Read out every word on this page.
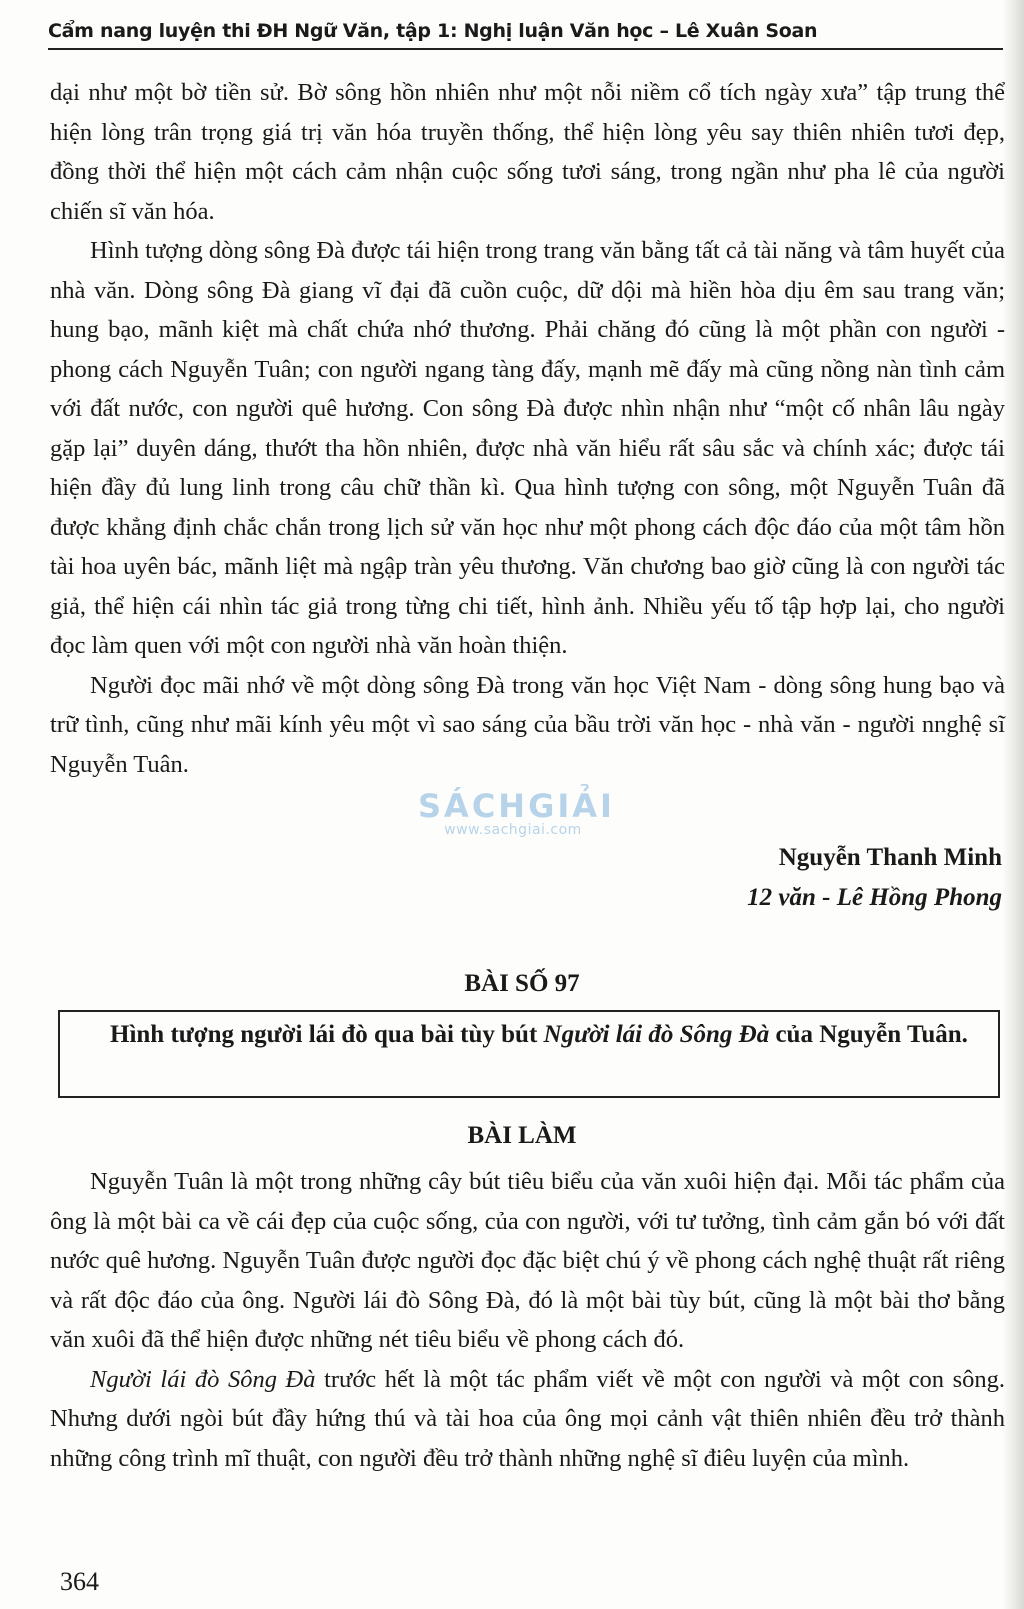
Cẩm nang luyện thi ĐH Ngữ Văn, tập 1: Nghị luận Văn học – Lê Xuân Soan

dại như một bờ tiền sử. Bờ sông hồn nhiên như một nỗi niềm cổ tích ngày xưa” tập trung thể hiện lòng trân trọng giá trị văn hóa truyền thống, thể hiện lòng yêu say thiên nhiên tươi đẹp, đồng thời thể hiện một cách cảm nhận cuộc sống tươi sáng, trong ngần như pha lê của người chiến sĩ văn hóa.

Hình tượng dòng sông Đà được tái hiện trong trang văn bằng tất cả tài năng và tâm huyết của nhà văn. Dòng sông Đà giang vĩ đại đã cuồn cuộc, dữ dội mà hiền hòa dịu êm sau trang văn; hung bạo, mãnh kiệt mà chất chứa nhớ thương. Phải chăng đó cũng là một phần con người - phong cách Nguyễn Tuân; con người ngang tàng đấy, mạnh mẽ đấy mà cũng nồng nàn tình cảm với đất nước, con người quê hương. Con sông Đà được nhìn nhận như “một cố nhân lâu ngày gặp lại” duyên dáng, thướt tha hồn nhiên, được nhà văn hiểu rất sâu sắc và chính xác; được tái hiện đầy đủ lung linh trong câu chữ thần kì. Qua hình tượng con sông, một Nguyễn Tuân đã được khẳng định chắc chắn trong lịch sử văn học như một phong cách độc đáo của một tâm hồn tài hoa uyên bác, mãnh liệt mà ngập tràn yêu thương. Văn chương bao giờ cũng là con người tác giả, thể hiện cái nhìn tác giả trong từng chi tiết, hình ảnh. Nhiều yếu tố tập hợp lại, cho người đọc làm quen với một con người nhà văn hoàn thiện.

Người đọc mãi nhớ về một dòng sông Đà trong văn học Việt Nam - dòng sông hung bạo và trữ tình, cũng như mãi kính yêu một vì sao sáng của bầu trời văn học - nhà văn - người nnghệ sĩ Nguyễn Tuân.

SÁCHGIẢI
www.sachgiai.com
Nguyễn Thanh Minh
12 văn - Lê Hồng Phong
BÀI SỐ 97

Hình tượng người lái đò qua bài tùy bút Người lái đò Sông Đà của Nguyễn Tuân.

BÀI LÀM

Nguyễn Tuân là một trong những cây bút tiêu biểu của văn xuôi hiện đại. Mỗi tác phẩm của ông là một bài ca về cái đẹp của cuộc sống, của con người, với tư tưởng, tình cảm gắn bó với đất nước quê hương. Nguyễn Tuân được người đọc đặc biệt chú ý về phong cách nghệ thuật rất riêng và rất độc đáo của ông. Người lái đò Sông Đà, đó là một bài tùy bút, cũng là một bài thơ bằng văn xuôi đã thể hiện được những nét tiêu biểu về phong cách đó.

Người lái đò Sông Đà trước hết là một tác phẩm viết về một con người và một con sông. Nhưng dưới ngòi bút đầy hứng thú và tài hoa của ông mọi cảnh vật thiên nhiên đều trở thành những công trình mĩ thuật, con người đều trở thành những nghệ sĩ điêu luyện của mình.

364
